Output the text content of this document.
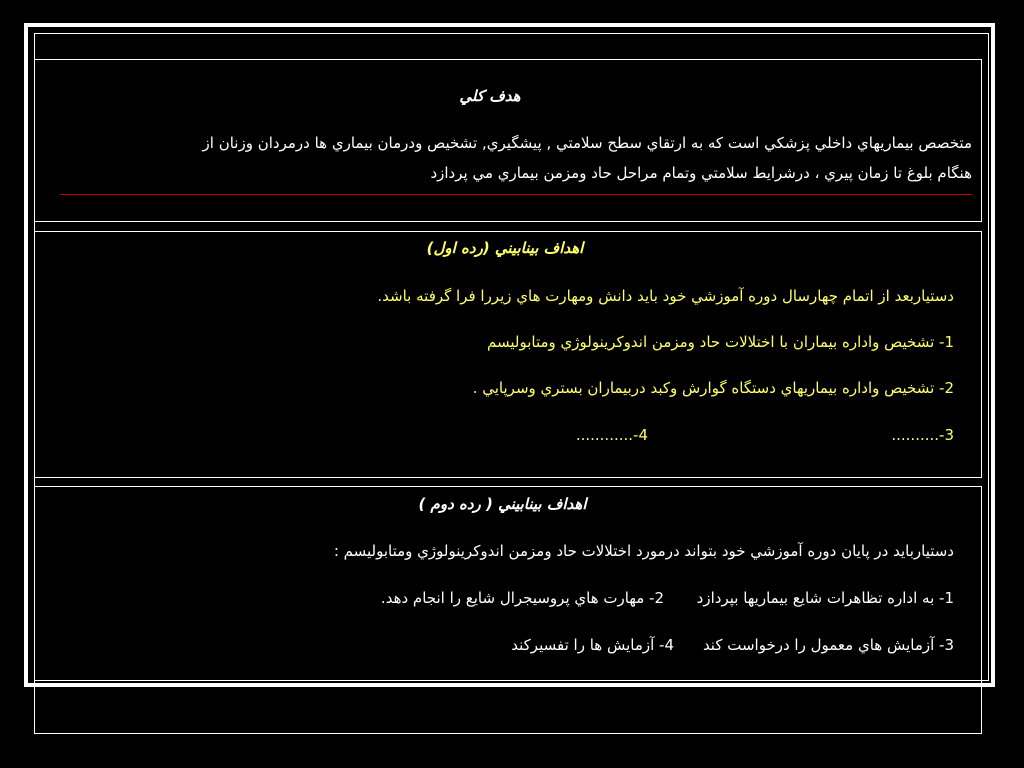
هدف كلي
متخصص بيماريهاي داخلي پزشكي است كه به ارتقاي سطح سلامتي , پيشگيري, تشخيص ودرمان بيماري ها درمردان وزنان از
هنگام بلوغ تا زمان پيري ، درشرايط سلامتي وتمام مراحل حاد ومزمن بيماري مي پردازد
اهداف بينابيني (رده اول)
دستياربعد از اتمام چهارسال دوره آموزشي خود بايد دانش ومهارت هاي زيررا فرا گرفته باشد.
1- تشخيص واداره بيماران با اختلالات حاد ومزمن اندوكرينولوژي ومتابوليسم
2- تشخيص واداره بيماريهاي دستگاه گوارش وكبد دربيماران بستري وسرپايي .
3-..........
4-............
اهداف بينابيني ( رده دوم )
دستياربايد در پايان دوره آموزشي خود بتواند درمورد اختلالات حاد ومزمن اندوكرينولوژي ومتابوليسم :
1- به اداره تظاهرات شايع بيماريها بپردازد
2- مهارت هاي پروسيجرال شايع را انجام دهد.
3- آزمايش هاي معمول را درخواست كند
4- آزمايش ها را تفسيركند
